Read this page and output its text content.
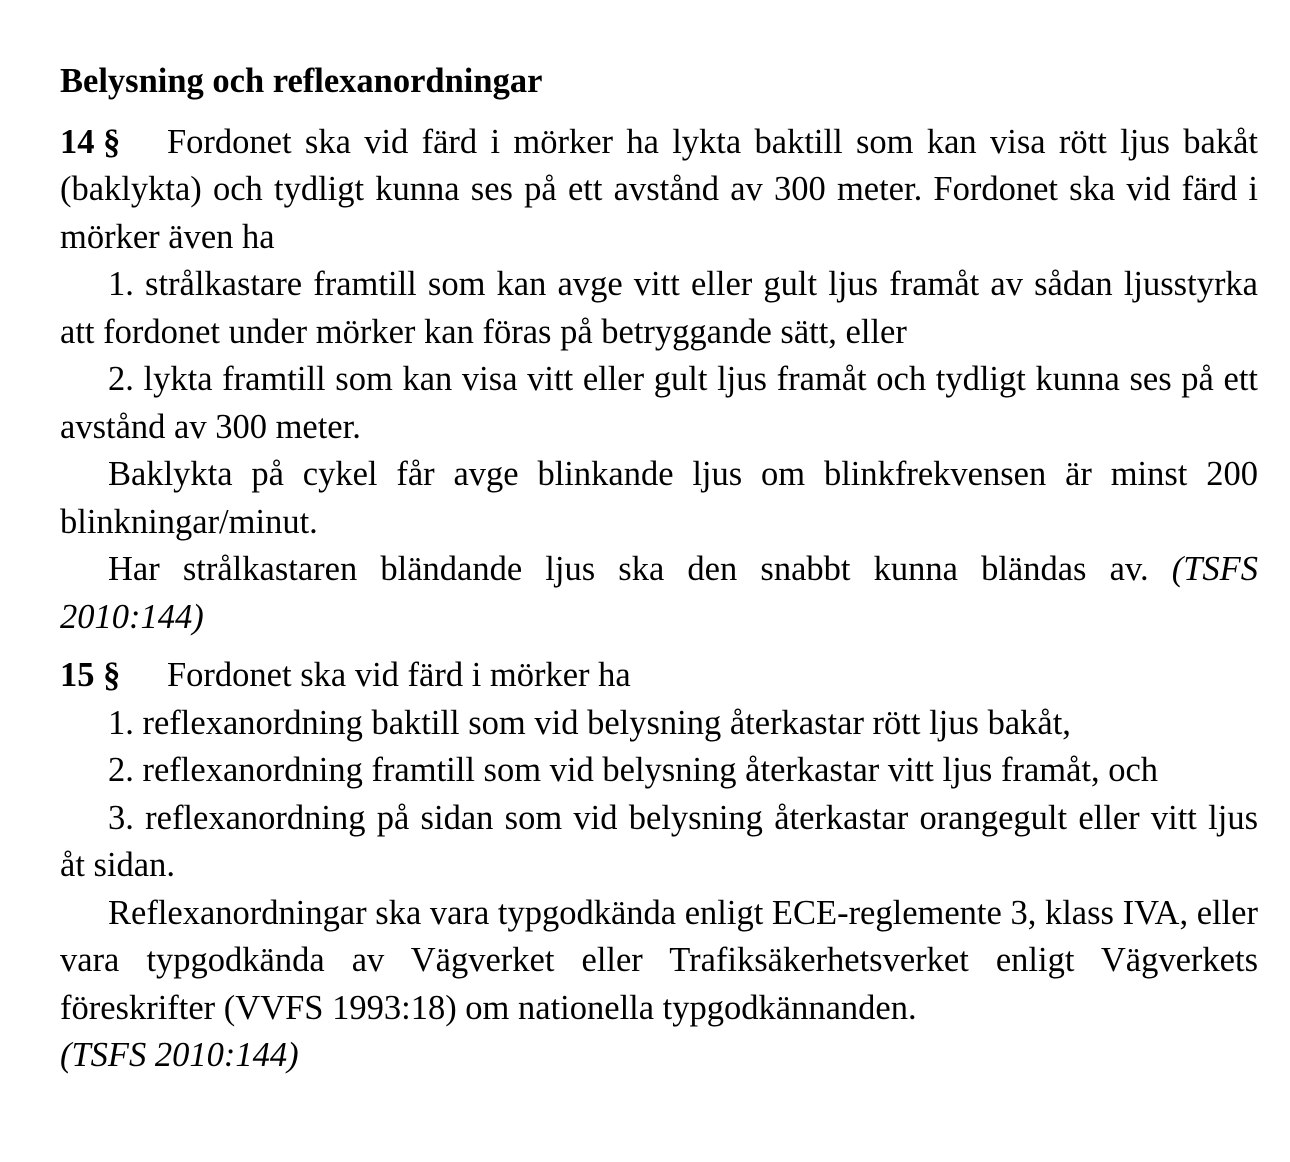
Belysning och reflexanordningar

14 § Fordonet ska vid färd i mörker ha lykta baktill som kan visa rött ljus bakåt (baklykta) och tydligt kunna ses på ett avstånd av 300 meter. Fordonet ska vid färd i mörker även ha

1. strålkastare framtill som kan avge vitt eller gult ljus framåt av sådan ljusstyrka att fordonet under mörker kan föras på betryggande sätt, eller

2. lykta framtill som kan visa vitt eller gult ljus framåt och tydligt kunna ses på ett avstånd av 300 meter.

Baklykta på cykel får avge blinkande ljus om blinkfrekvensen är minst 200 blinkningar/minut.

Har strålkastaren bländande ljus ska den snabbt kunna bländas av. (TSFS 2010:144)

15 § Fordonet ska vid färd i mörker ha

1. reflexanordning baktill som vid belysning återkastar rött ljus bakåt,

2. reflexanordning framtill som vid belysning återkastar vitt ljus framåt, och

3. reflexanordning på sidan som vid belysning återkastar orangegult eller vitt ljus åt sidan.

Reflexanordningar ska vara typgodkända enligt ECE-reglemente 3, klass IVA, eller vara typgodkända av Vägverket eller Trafiksäkerhetsverket enligt Vägverkets föreskrifter (VVFS 1993:18) om nationella typgodkännanden.
(TSFS 2010:144)
